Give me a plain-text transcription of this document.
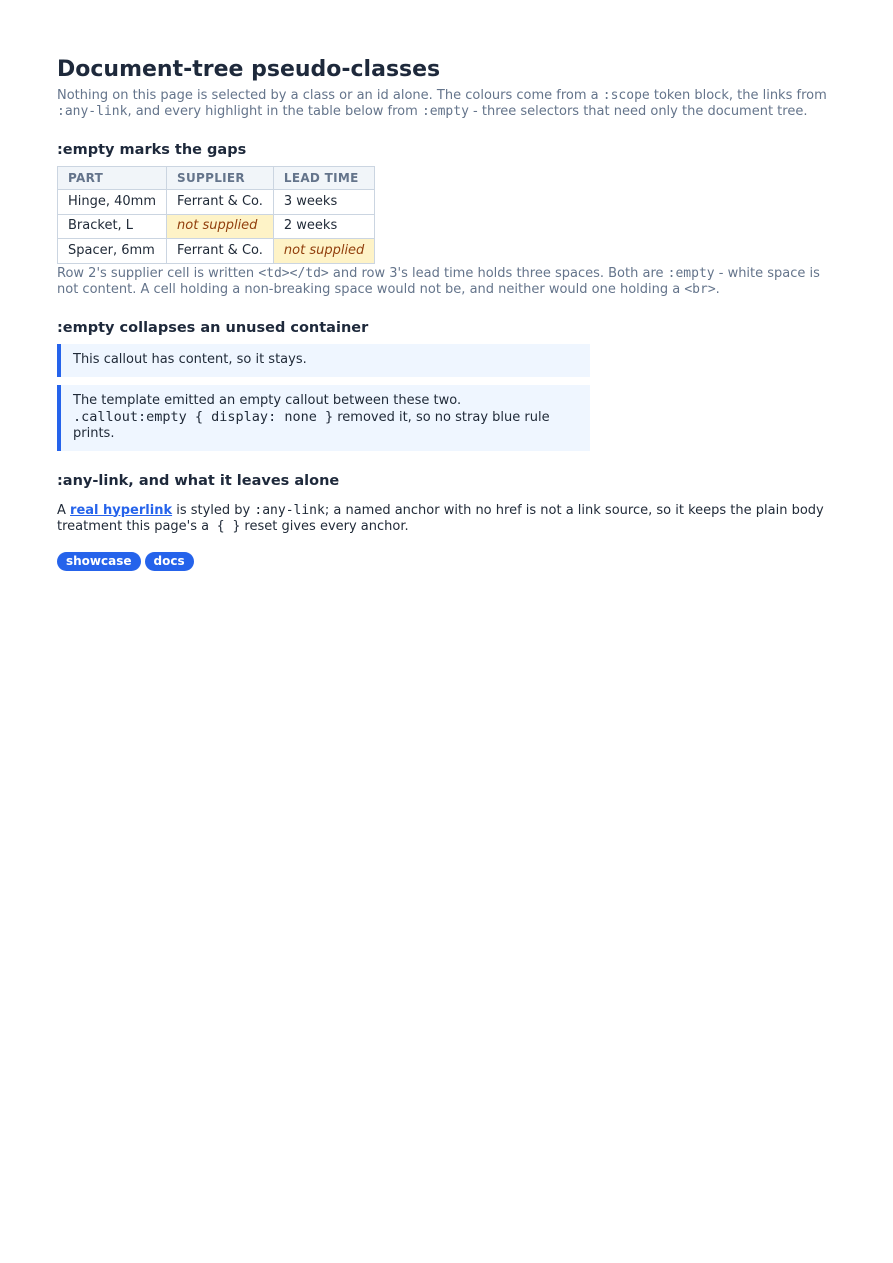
Document-tree pseudo-classes

Nothing on this page is selected by a class or an id alone. The colours come from a :scope token block, the links from :any-link, and every highlight in the table below from :empty - three selectors that need only the document tree.

:empty marks the gaps
PART	SUPPLIER	LEAD TIME
Hinge, 40mm	Ferrant & Co.	3 weeks
Bracket, L	not supplied	2 weeks
Spacer, 6mm	Ferrant & Co.	not supplied

Row 2's supplier cell is written <td></td> and row 3's lead time holds three spaces. Both are :empty - white space is not content. A cell holding a non-breaking space would not be, and neither would one holding a <br>.

:empty collapses an unused container
This callout has content, so it stays.
The template emitted an empty callout between these two. .callout:empty { display: none } removed it, so no stray blue rule prints.
:any-link, and what it leaves alone

A real hyperlink is styled by :any-link; a named anchor with no href is not a link source, so it keeps the plain body treatment this page's a { } reset gives every anchor.

showcase	docs
